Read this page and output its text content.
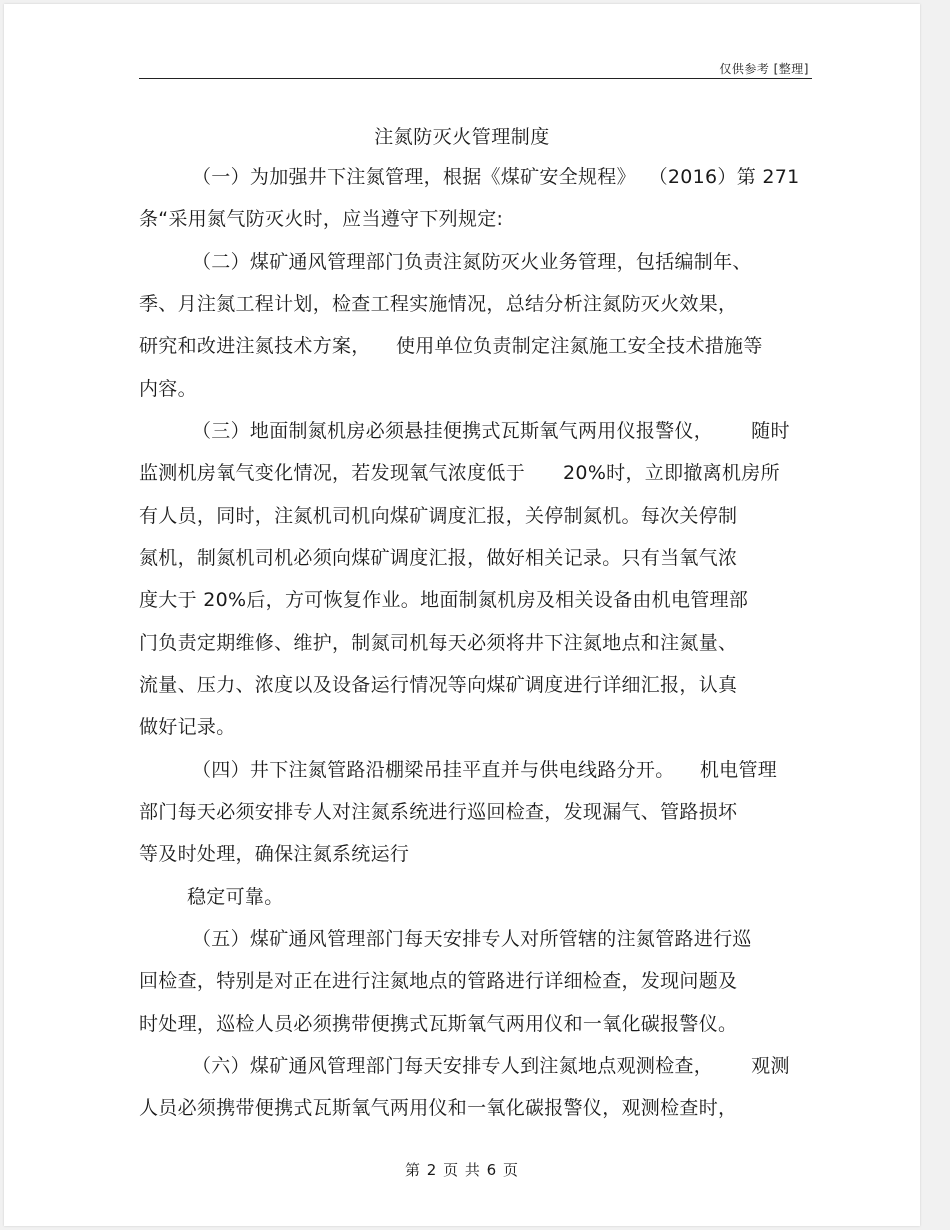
仅供参考 [整理]
注氮防灭火管理制度
（一）为加强井下注氮管理，根据《煤矿安全规程》  （2016）第 271
条“采用氮气防灭火时，应当遵守下列规定:
（二）煤矿通风管理部门负责注氮防灭火业务管理，包括编制年、
季、月注氮工程计划，检查工程实施情况，总结分析注氮防灭火效果，
研究和改进注氮技术方案，    使用单位负责制定注氮施工安全技术措施等
内容。
（三）地面制氮机房必须悬挂便携式瓦斯氧气两用仪报警仪，      随时
监测机房氧气变化情况，若发现氧气浓度低于      20%时，立即撤离机房所
有人员，同时，注氮机司机向煤矿调度汇报，关停制氮机。每次关停制
氮机，制氮机司机必须向煤矿调度汇报，做好相关记录。只有当氧气浓
度大于 20%后，方可恢复作业。地面制氮机房及相关设备由机电管理部
门负责定期维修、维护，制氮司机每天必须将井下注氮地点和注氮量、
流量、压力、浓度以及设备运行情况等向煤矿调度进行详细汇报，认真
做好记录。
（四）井下注氮管路沿棚梁吊挂平直并与供电线路分开。    机电管理
部门每天必须安排专人对注氮系统进行巡回检查，发现漏气、管路损坏
等及时处理，确保注氮系统运行
稳定可靠。
（五）煤矿通风管理部门每天安排专人对所管辖的注氮管路进行巡
回检查，特别是对正在进行注氮地点的管路进行详细检查，发现问题及
时处理，巡检人员必须携带便携式瓦斯氧气两用仪和一氧化碳报警仪。
（六）煤矿通风管理部门每天安排专人到注氮地点观测检查，      观测
人员必须携带便携式瓦斯氧气两用仪和一氧化碳报警仪，观测检查时，
第 2 页 共 6 页
